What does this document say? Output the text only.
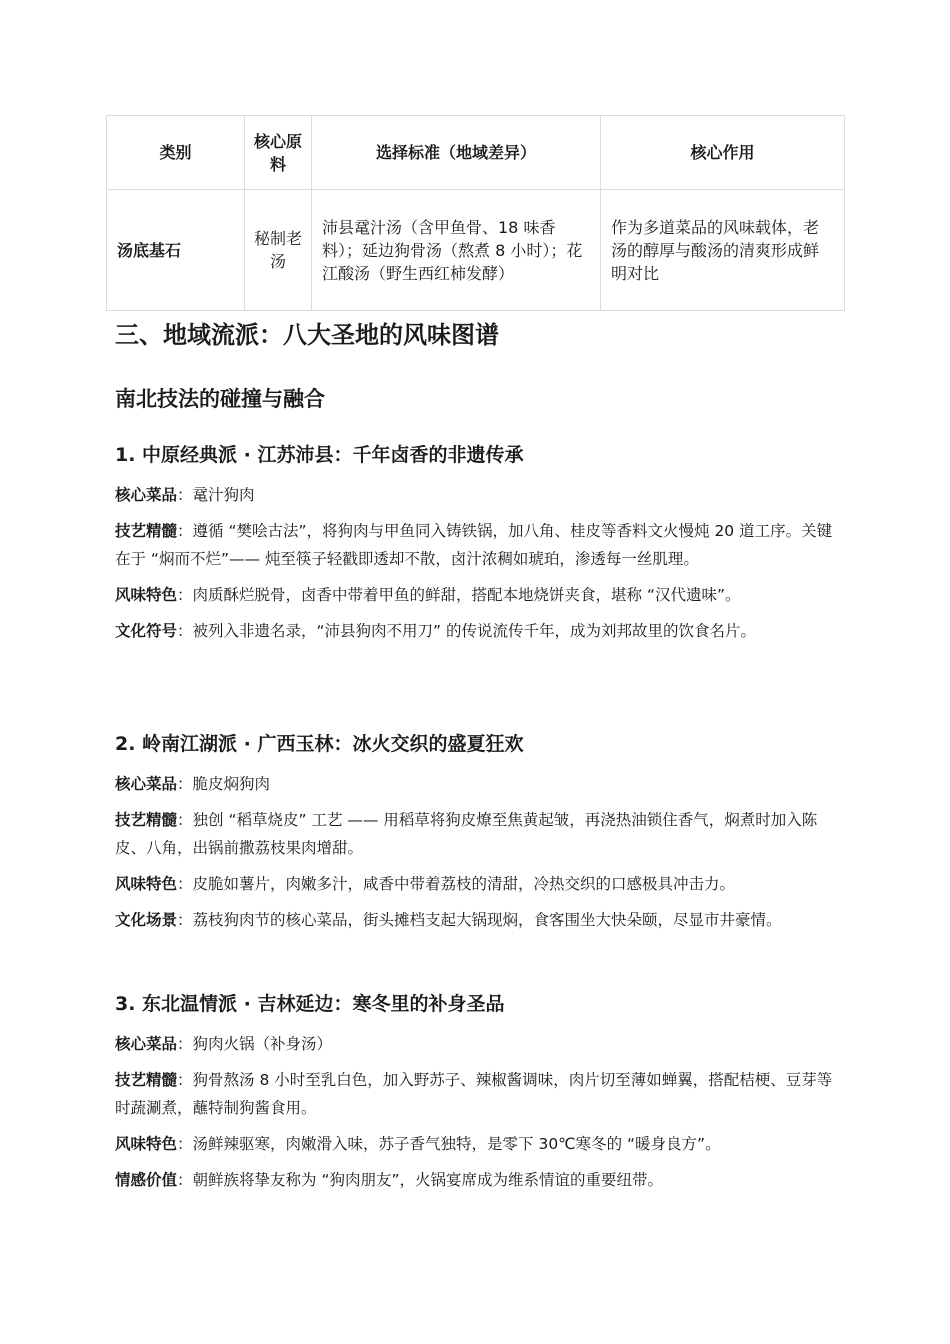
类别	核心原料	选择标准（地域差异）	核心作用
汤底基石	秘制老汤	沛县鼋汁汤（含甲鱼骨、18 味香料）；延边狗骨汤（熬煮 8 小时）；花江酸汤（野生西红柿发酵）	作为多道菜品的风味载体，老汤的醇厚与酸汤的清爽形成鲜明对比
三、地域流派：八大圣地的风味图谱
南北技法的碰撞与融合
1. 中原经典派 · 江苏沛县：千年卤香的非遗传承

核心菜品：鼋汁狗肉

技艺精髓：遵循 “樊哙古法”，将狗肉与甲鱼同入铸铁锅，加八角、桂皮等香料文火慢炖 20 道工序。关键在于 “焖而不烂”—— 炖至筷子轻戳即透却不散，卤汁浓稠如琥珀，渗透每一丝肌理。

风味特色：肉质酥烂脱骨，卤香中带着甲鱼的鲜甜，搭配本地烧饼夹食，堪称 “汉代遗味”。

文化符号：被列入非遗名录，“沛县狗肉不用刀” 的传说流传千年，成为刘邦故里的饮食名片。

2. 岭南江湖派 · 广西玉林：冰火交织的盛夏狂欢

核心菜品：脆皮焖狗肉

技艺精髓：独创 “稻草烧皮” 工艺 —— 用稻草将狗皮燎至焦黄起皱，再浇热油锁住香气，焖煮时加入陈皮、八角，出锅前撒荔枝果肉增甜。

风味特色：皮脆如薯片，肉嫩多汁，咸香中带着荔枝的清甜，冷热交织的口感极具冲击力。

文化场景：荔枝狗肉节的核心菜品，街头摊档支起大锅现焖，食客围坐大快朵颐，尽显市井豪情。

3. 东北温情派 · 吉林延边：寒冬里的补身圣品

核心菜品：狗肉火锅（补身汤）

技艺精髓：狗骨熬汤 8 小时至乳白色，加入野苏子、辣椒酱调味，肉片切至薄如蝉翼，搭配桔梗、豆芽等时蔬涮煮，蘸特制狗酱食用。

风味特色：汤鲜辣驱寒，肉嫩滑入味，苏子香气独特，是零下 30℃寒冬的 “暖身良方”。

情感价值：朝鲜族将挚友称为 “狗肉朋友”，火锅宴席成为维系情谊的重要纽带。
